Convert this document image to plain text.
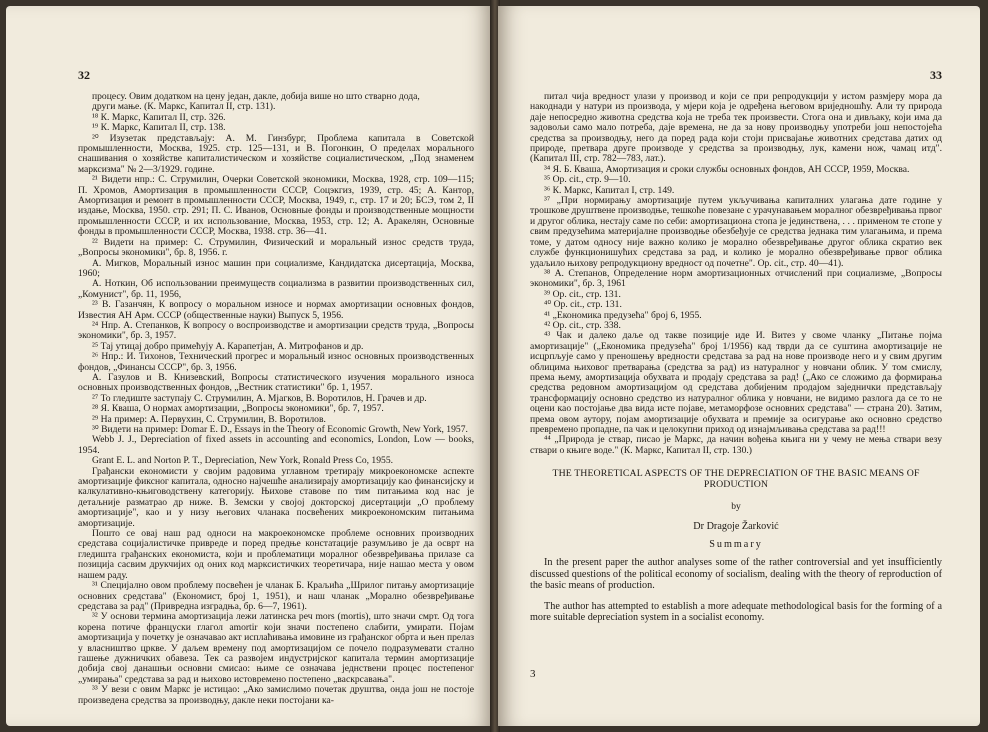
32

процесу. Овим додатком на цену један, дакле, добија више но што стварно дода,

други мање. (К. Маркс, Капитал II, стр. 131).

¹⁸ К. Маркс, Капитал II, стр. 326.

¹⁹ К. Маркс, Капитал II, стр. 138.

²⁰ Изузетак представљају: А. М. Гинзбург, Проблема капитала в Советской промышленности, Москва, 1925. стр. 125—131, и В. Погонкин, О пределах морального снашивания о хозяйстве капиталистическом и хозяйстве социалистическом, „Под знаменем марксизма" № 2—3/1929. године.

²¹ Видети нпр.: С. Струмилин, Очерки Советской экономики, Москва, 1928, стр. 109—115; П. Хромов, Амортизация в промышленности СССР, Соцэкгиз, 1939, стр. 45; А. Кантор, Амортизация и ремонт в промышленности СССР, Москва, 1949, г., стр. 17 и 20; БСЭ, том 2, II издање, Москва, 1950. стр. 291; П. С. Иванов, Основные фонды и производственные мощности промышленности СССР, и их использование, Москва, 1953, стр. 12; А. Аракелян, Основные фонды в промышленности СССР, Москва, 1938. стр. 36—41.

²² Видети на пример: С. Струмилин, Физический и моральный износ средств труда, „Вопросы экономики", бр. 8, 1956. г.

А. Мигков, Моральный износ машин при социализме, Кандидатска дисертација, Москва, 1960;

А. Ноткин, Об использовании преимуществ социализма в развитии производственных сил, „Комунист", бр. 11, 1956,

²³ В. Газанчян, К вопросу о моральном износе и нормах амортизации основных фондов, Известия АН Арм. СССР (общественные науки) Выпуск 5, 1956.

²⁴ Нпр. А. Степанков, К вопросу о воспроизводстве и амортизации средств труда, „Вопросы экономики", бр. 3, 1957.

²⁵ Тај утицај добро примећују А. Карапетјан, А. Митрофанов и др.

²⁶ Нпр.: И. Тихонов, Технический прогрес и моральный износ основных производственных фондов, „Финансы СССР", бр. 3, 1956.

А. Газулов и В. Книзевский, Вопросы статистического изучения морального износа основных производственных фондов, „Вестник статистики" бр. 1, 1957.

²⁷ То гледиште заступају С. Струмилин, А. Мјагков, В. Воротилов, Н. Грачев и др.

²⁸ Я. Кваша, О нормах амортизации, „Вопросы экономики", бр. 7, 1957.

²⁹ На пример: А. Первухин, С. Струмилин, В. Воротилов.

³⁰ Видети на пример: Domar E. D., Essays in the Theory of Economic Growth, New York, 1957.

Webb J. J., Depreciation of fixed assets in accounting and economics, London, Low — books, 1954.

Grant E. L. and Norton P. T., Depreciation, New York, Ronald Press Co, 1955.

Грађански економисти у својим радовима углавном третирају микроекономске аспекте амортизације фиксног капитала, односно најчешће анализирају амортизацију као финансијску и калкулативно-књиговодствену категорију. Њихове ставове по тим питањима код нас је детаљније разматрао др ниже. В. Земски у својој докторској дисертацији „О проблему амортизације", као и у низу његових чланака посвећених микроекономским питањима амортизације.

Пошто се овај наш рад односи на макроекономске проблеме основних производних средстава социјалистичке привреде и поред предње констатације разумљиво је да осврт на гледишта грађанских економиста, који и проблематици моралног обезвређивања прилазе са позиција сасвим друкчијих од оних код марксистичких теоретичара, није нашао места у овом нашем раду.

³¹ Специјално овом проблему посвећен је чланак Б. Краљића „Шрилог питању амортизације основних средстава" (Економист, број 1, 1951), и наш чланак „Морално обезвређивање средстава за рад" (Привредна изградња, бр. 6—7, 1961).

³² У основи термина амортизација лежи латинска реч mors (mortis), што значи смрт. Од тога корена потиче француски глагол amortir који значи постепено слабити, умирати. Појам амортизација у почетку је означавао акт исплаћивања имовине из грађанског обрта и њен прелаз у власништво цркве. У даљем времену под амортизацијом се почело подразумевати стално гашење дужничких обавеза. Тек са развојем индустријског капитала термин амортизације добија свој данашњи основни смисао: њиме се означава једнствени процес постепеног „умирања" средстава за рад и њихово истовремено постепено „васкрсавања".

³³ У вези с овим Маркс је истицао: „Ако замислимо почетак друштва, онда још не постоје произведена средства за производњу, дакле нeки постојани ка-

33

питал чија вредност улази у производ и који се при репродукцији у истом размјеру мора да накоднади у натури из производа, у мјери која је одређена његовом вриједнoшћу. Али ту природа даје непосредно животна средства која не треба тек произвести. Стога она и дивљаку, који има да задовољи само мало потреба, даје времена, не да за нову производњу употреби још непостојећа средства за производњу, него да поред рада који стоји присвајање животних средстава датих од природе, претвара друге производе у средства за производњу, лук, камени нож, чамац итд". (Капитал III, стр. 782—783, лат.).

³⁴ Я. Б. Кваша, Амортизация и сроки службы основных фондов, АН СССР, 1959, Москва.

³⁵ Op. cit., стр. 9—10.

³⁶ К. Маркс, Капитал I, стр. 149.

³⁷ „При нормирању амортизације путем укључивања капиталних улагања дате године у трошкове друштвене производње, тешкоће повезане с урачунавањем моралног обезвређивања првог и другог облика, нестају саме по себи: амортизациона стопа је јединствена, . . . применом те стопе у свим предузећима материјалне производње обезбеђује се средства једнака тим улагањима, и према томе, у датом односу није важно колико је морално обезвређивање другог облика скратио век службе функционишућих средстава за рад, и колико је морално обезвређивање првог облика удаљило њихову репродукциону вредност од почетне". Op. cit., стр. 40—41).

³⁸ А. Степанов, Определение норм амортизационных отчислений при социализме, „Вопросы экономики", бр. 3, 1961

³⁹ Op. cit., стр. 131.

⁴⁰ Op. cit., стр. 131.

⁴¹ „Економика предузећа" број 6, 1955.

⁴² Op. cit., стр. 338.

⁴³ Чак и далеко даље од такве позиције иде И. Витез у своме чланку „Питање појма амортизације" („Економика предузећа" број 1/1956) кад тврди да се суштина амортизације не исцрпљује само у преношењу вредности средстава за рад на нове производе него и у свим другим облицима њиховог претварања (средства за рад) из натуралног у новчани облик. У том смислу, према њему, амортизација обухвата и продају средстава за рад! („Ако се сложимо да формирања средства редовном амортизацијом од средстава добијеним продајом заједнички представљају трансформацију основно средство из натуралног облика у новчани, не видимо разлога да се то не оцени као постојање два вида исте појаве, метаморфозе основних средстава" — страна 20). Затим, према овом аутору, појам амортизације обухвата и премије за осигурање ако основно средство превремено пропадне, па чак и целокупни приход од изнајмљивања средстава за рад!!!

⁴⁴ „Природа је ствар, писао је Маркс, да начин вођења књига ни у чему не мења ствари везу ствари о књиге воде." (К. Маркс, Капитал II, стр. 130.)

THE THEORETICAL ASPECTS OF THE DEPRECIATION OF THE BASIC MEANS OF PRODUCTION
by
Dr Dragoje Žarković
Summary

In the present paper the author analyses some of the rather controversial and yet insufficiently discussed questions of the political economy of socialism, dealing with the theory of reproduction of the basic means of production.

The author has attempted to establish a more adequate methodological basis for the forming of a more suitable depreciation system in a socialist economy.

3
